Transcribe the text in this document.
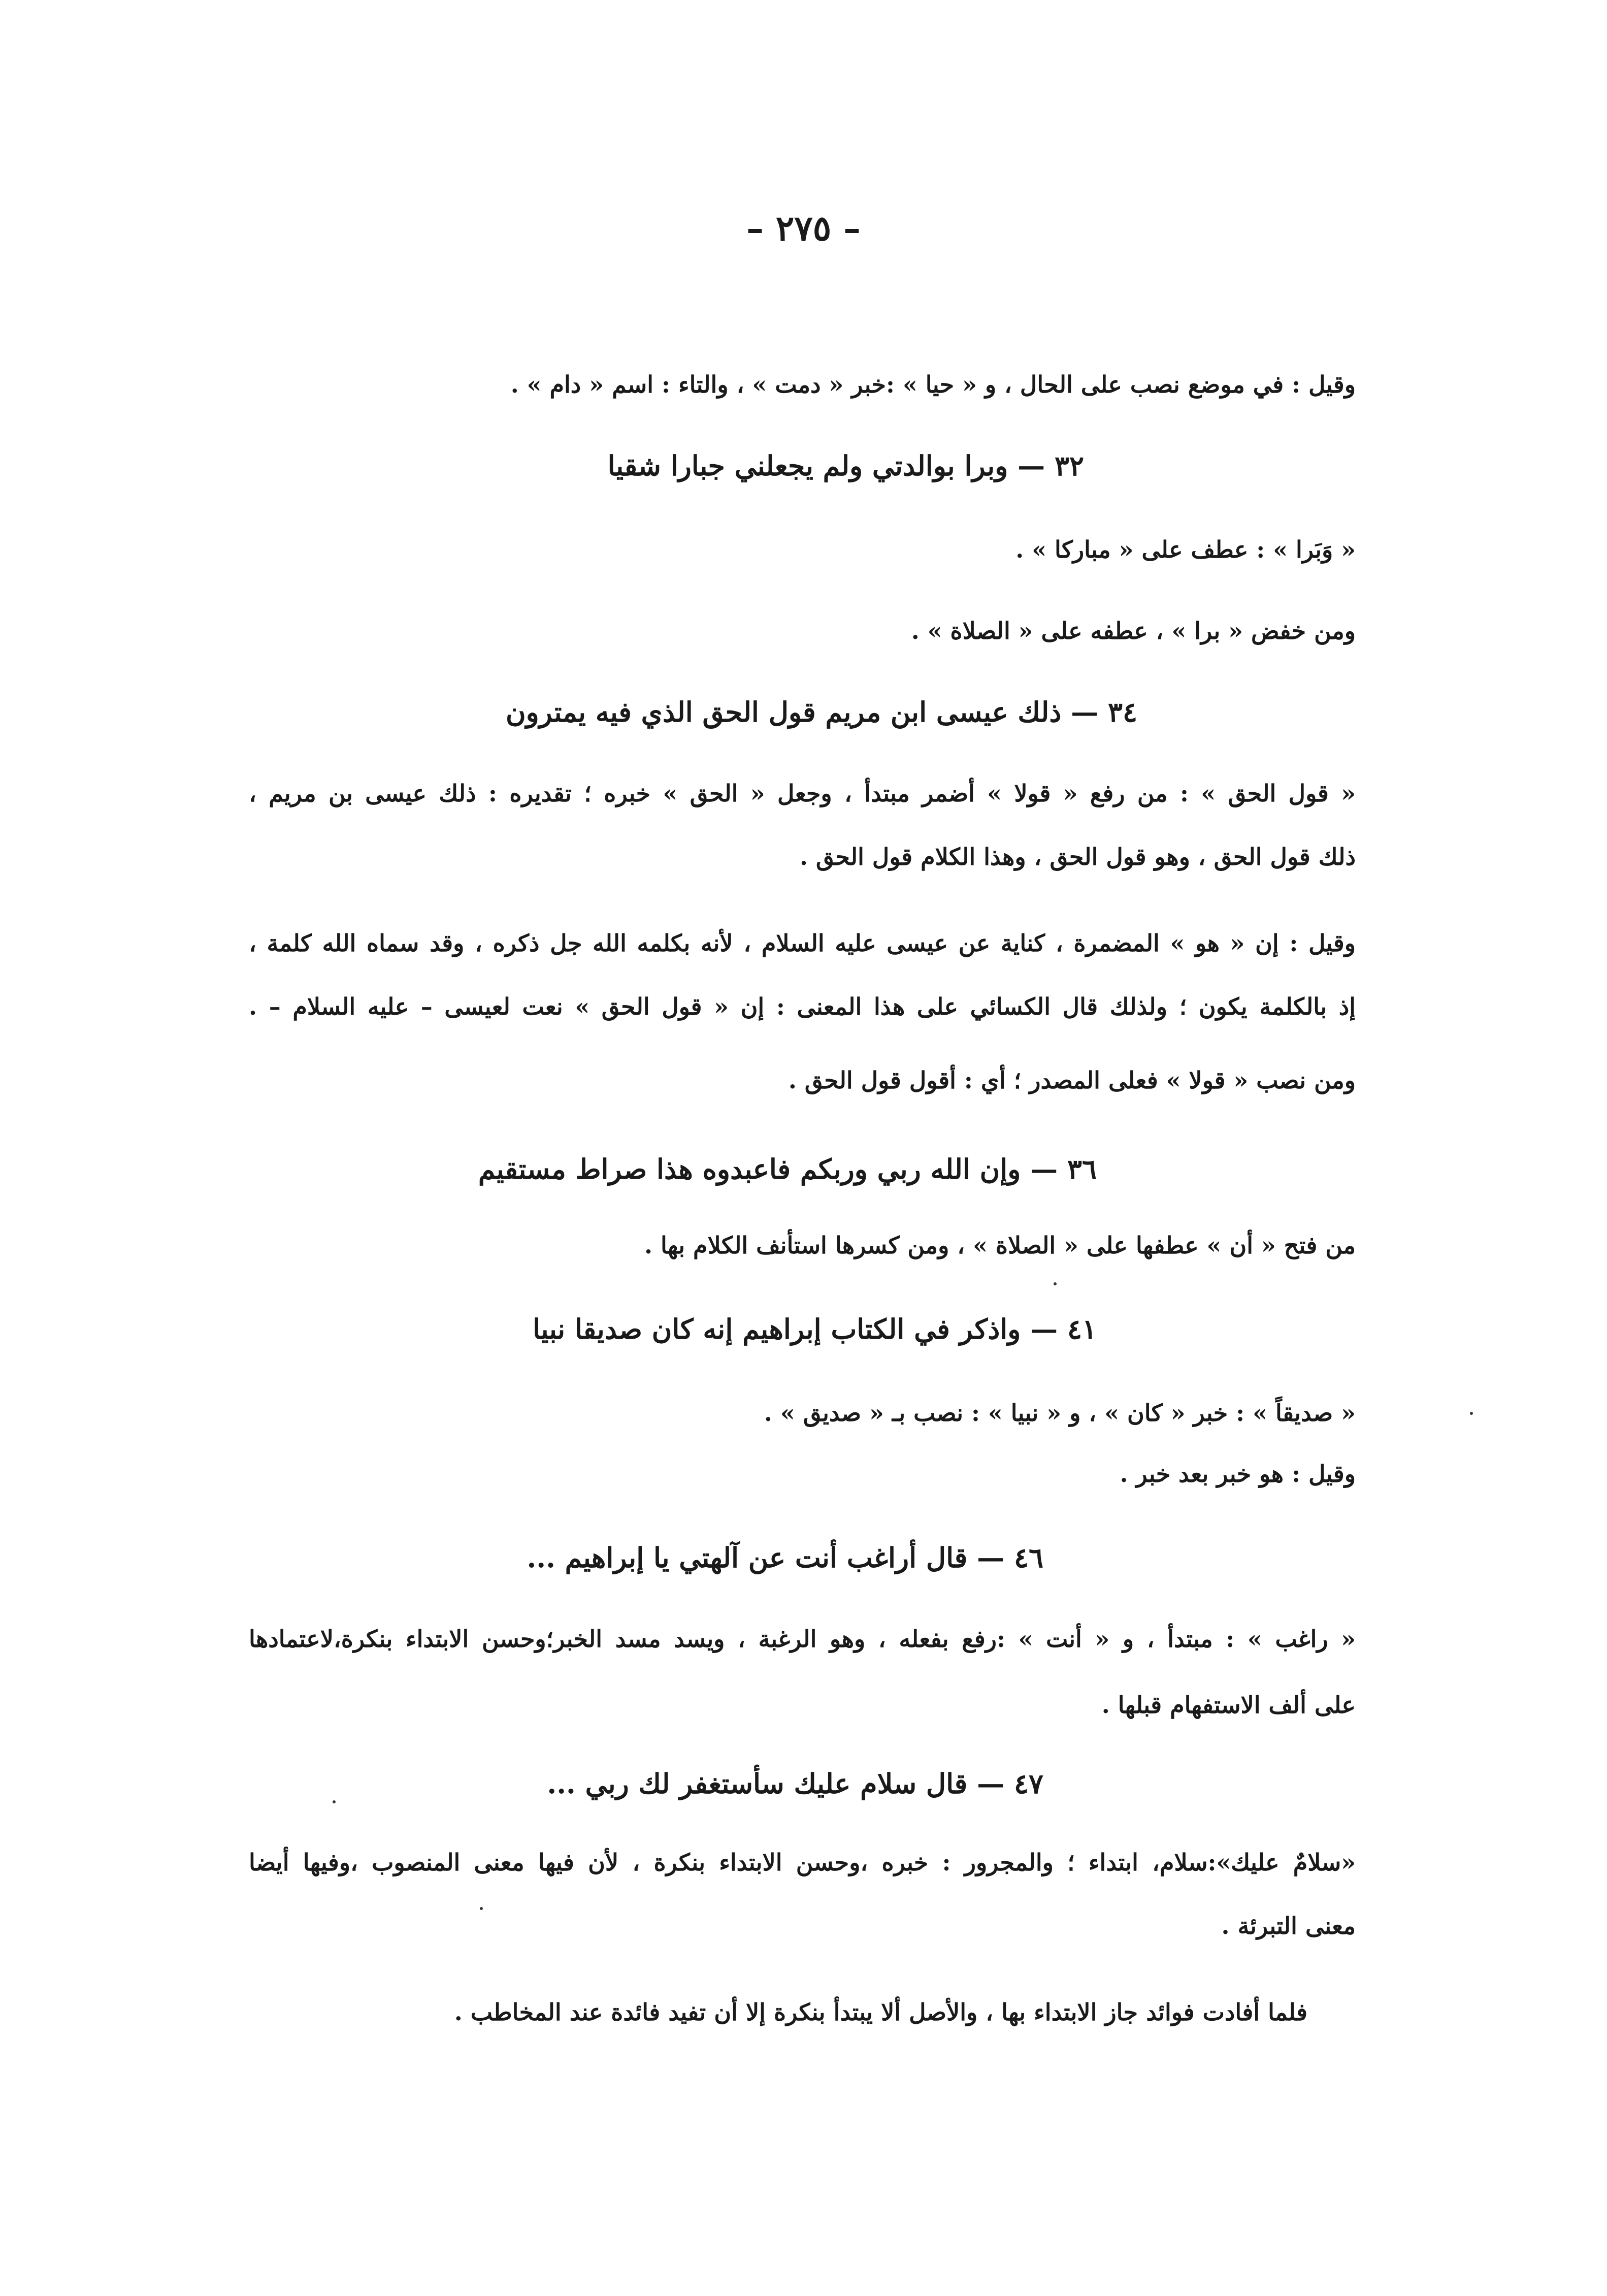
– ٢٧٥ –
وقيل : في موضع نصب على الحال ، و « حيا » :خبر « دمت » ، والتاء : اسم « دام » .
٣٢ — وبرا بوالدتي ولم يجعلني جبارا شقيا
« وَبَرا » : عطف على « مباركا » .
ومن خفض « برا » ، عطفه على « الصلاة » .
٣٤ — ذلك عيسى ابن مريم قول الحق الذي فيه يمترون
« قول الحق » : من رفع « قولا » أضمر مبتدأ ، وجعل « الحق » خبره ؛ تقديره : ذلك عيسى بن مريم ،
ذلك قول الحق ، وهو قول الحق ، وهذا الكلام قول الحق .
وقيل : إن « هو » المضمرة ، كناية عن عيسى عليه السلام ، لأنه بكلمه الله جل ذكره ، وقد سماه الله كلمة ،
إذ بالكلمة يكون ؛ ولذلك قال الكسائي على هذا المعنى : إن « قول الحق » نعت لعيسى – عليه السلام – .
ومن نصب « قولا » فعلى المصدر ؛ أي : أقول قول الحق .
٣٦ — وإن الله ربي وربكم فاعبدوه هذا صراط مستقيم
من فتح « أن » عطفها على « الصلاة » ، ومن كسرها استأنف الكلام بها .
٤١ — واذكر في الكتاب إبراهيم إنه كان صديقا نبيا
« صديقاً » : خبر « كان » ، و « نبيا » : نصب بـ « صديق » .
وقيل : هو خبر بعد خبر .
٤٦ — قال أراغب أنت عن آلهتي يا إبراهيم ...
« راغب » : مبتدأ ، و « أنت » :رفع بفعله ، وهو الرغبة ، ويسد مسد الخبر؛وحسن الابتداء بنكرة،لاعتمادها
على ألف الاستفهام قبلها .
٤٧ — قال سلام عليك سأستغفر لك ربي ...
«سلامٌ عليك»:سلام، ابتداء ؛ والمجرور : خبره ،وحسن الابتداء بنكرة ، لأن فيها معنى المنصوب ،وفيها أيضا
معنى التبرئة .
فلما أفادت فوائد جاز الابتداء بها ، والأصل ألا يبتدأ بنكرة إلا أن تفيد فائدة عند المخاطب .
